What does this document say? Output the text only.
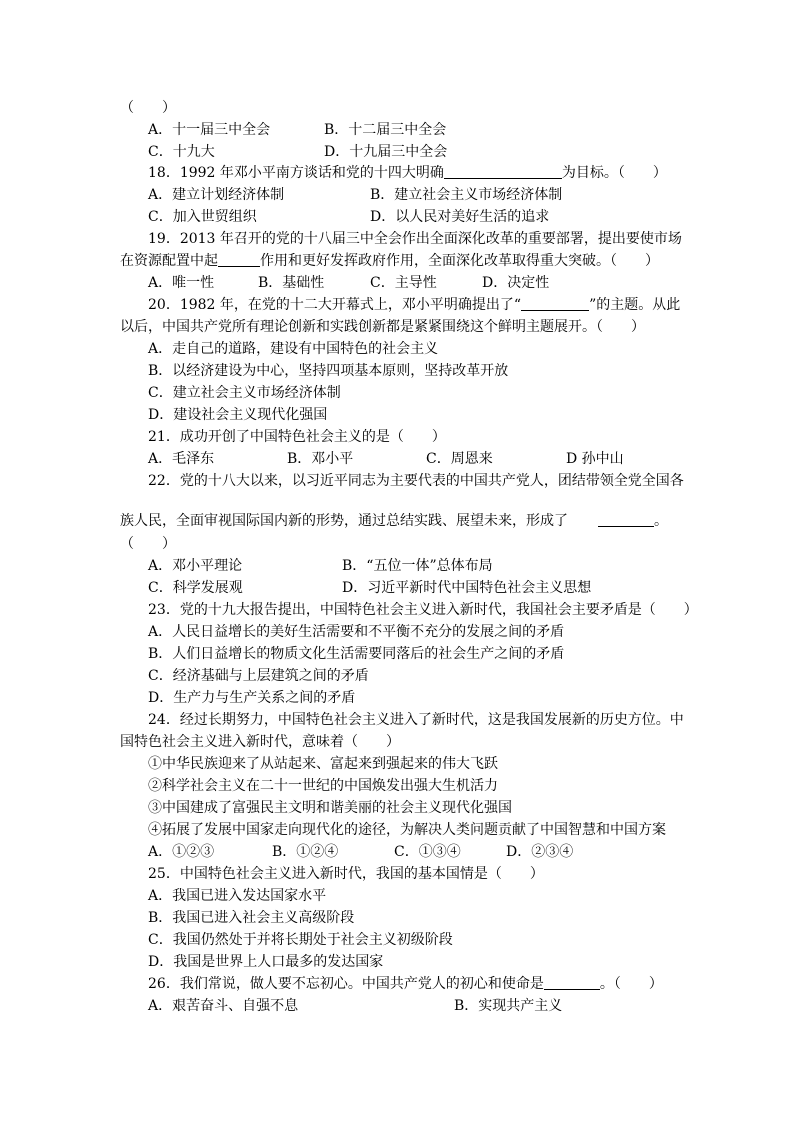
（　　）
A．十一届三中全会	B．十二届三中全会
C．十九大	D．十九届三中全会
18．1992 年邓小平南方谈话和党的十四大明确	为目标。（　　）
A．建立计划经济体制	B．建立社会主义市场经济体制
C．加入世贸组织	D．以人民对美好生活的追求
19．2013 年召开的党的十八届三中全会作出全面深化改革的重要部署，提出要使市场
在资源配置中起	作用和更好发挥政府作用，全面深化改革取得重大突破。（　　）
A．唯一性	B．基础性	C．主导性	D．决定性
20．1982 年，在党的十二大开幕式上，邓小平明确提出了“	”的主题。从此
以后，中国共产党所有理论创新和实践创新都是紧紧围绕这个鲜明主题展开。（　　）
A．走自己的道路，建设有中国特色的社会主义
B．以经济建设为中心，坚持四项基本原则，坚持改革开放
C．建立社会主义市场经济体制
D．建设社会主义现代化强国
21．成功开创了中国特色社会主义的是（　　）
A．毛泽东	B．邓小平	C．周恩来	D 孙中山
22．党的十八大以来，以习近平同志为主要代表的中国共产党人，团结带领全党全国各
族人民，全面审视国际国内新的形势，通过总结实践、展望未来，形成了	。
（　　）
A．邓小平理论	B．“五位一体”总体布局
C．科学发展观	D．习近平新时代中国特色社会主义思想
23．党的十九大报告提出，中国特色社会主义进入新时代，我国社会主要矛盾是（　　）
A．人民日益增长的美好生活需要和不平衡不充分的发展之间的矛盾
B．人们日益增长的物质文化生活需要同落后的社会生产之间的矛盾
C．经济基础与上层建筑之间的矛盾
D．生产力与生产关系之间的矛盾
24．经过长期努力，中国特色社会主义进入了新时代，这是我国发展新的历史方位。中
国特色社会主义进入新时代，意味着（　　）
①中华民族迎来了从站起来、富起来到强起来的伟大飞跃
②科学社会主义在二十一世纪的中国焕发出强大生机活力
③中国建成了富强民主文明和谐美丽的社会主义现代化强国
④拓展了发展中国家走向现代化的途径，为解决人类问题贡献了中国智慧和中国方案
A．①②③	B．①②④	C．①③④	D．②③④
25．中国特色社会主义进入新时代，我国的基本国情是（　　）
A．我国已进入发达国家水平
B．我国已进入社会主义高级阶段
C．我国仍然处于并将长期处于社会主义初级阶段
D．我国是世界上人口最多的发达国家
26．我们常说，做人要不忘初心。中国共产党人的初心和使命是	。（　　）
A．艰苦奋斗、自强不息	B．实现共产主义
